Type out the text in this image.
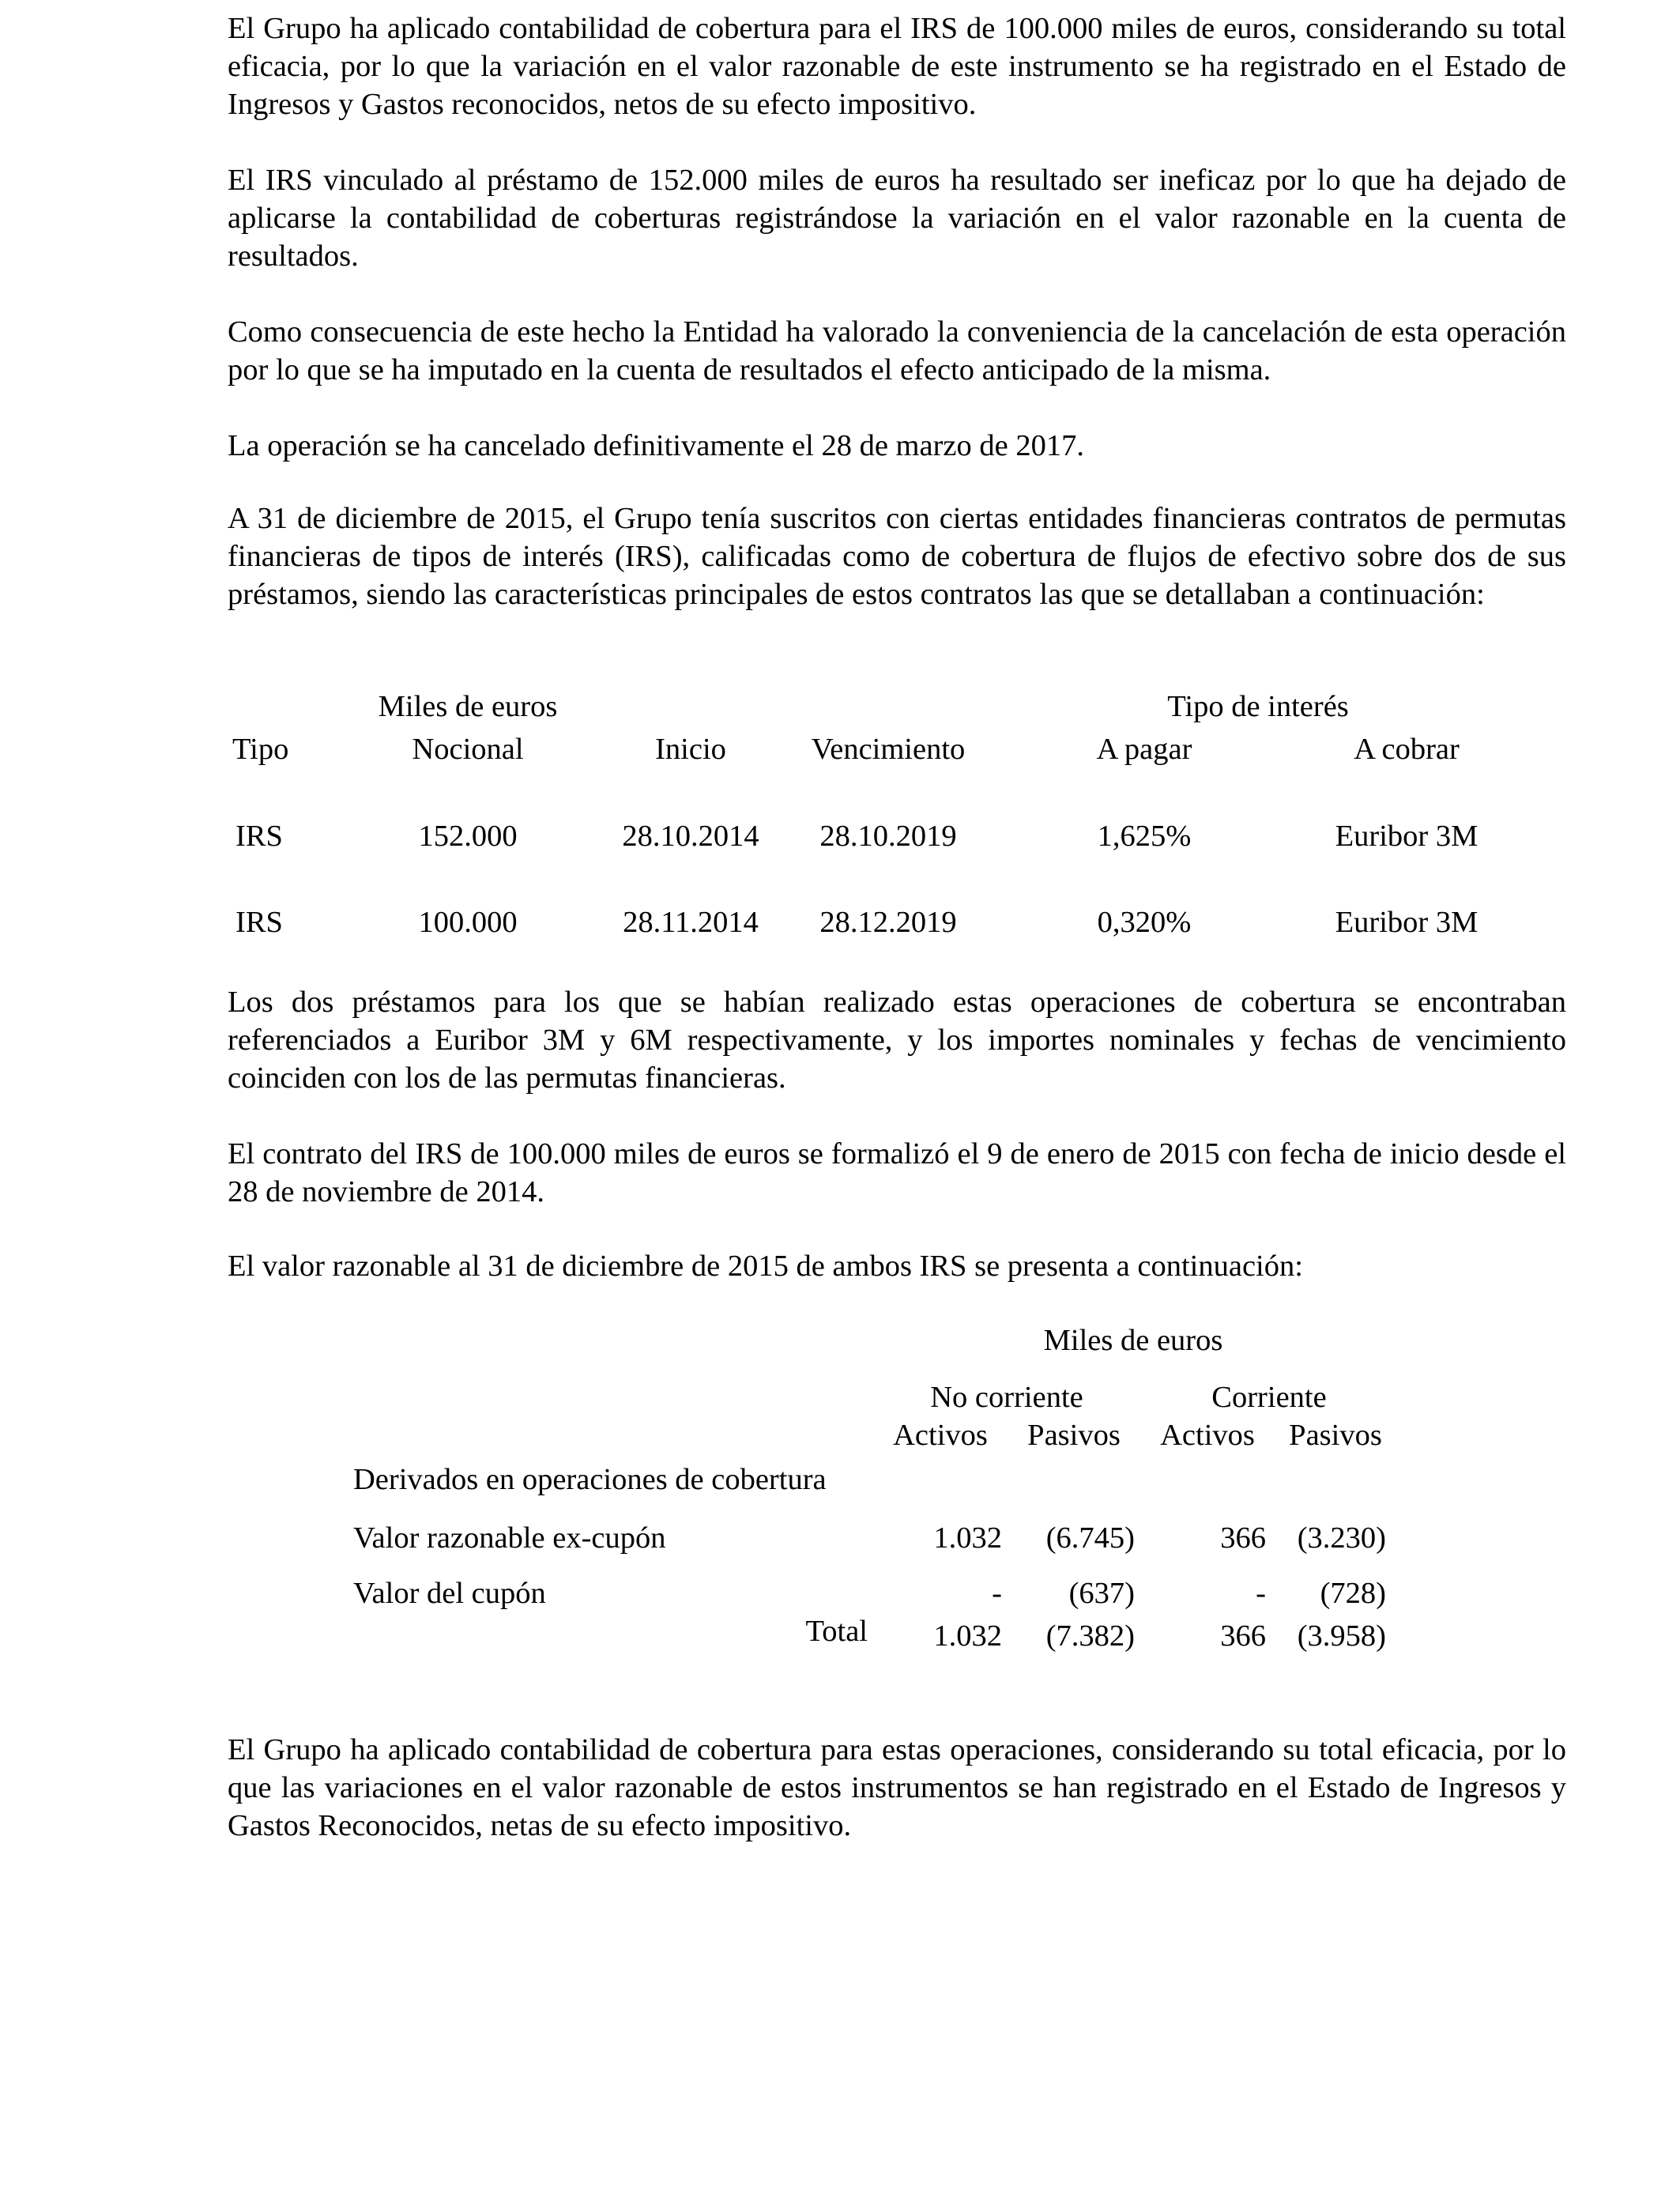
El Grupo ha aplicado contabilidad de cobertura para el IRS de 100.000 miles de euros, considerando su total eficacia, por lo que la variación en el valor razonable de este instrumento se ha registrado en el Estado de Ingresos y Gastos reconocidos, netos de su efecto impositivo.

El IRS vinculado al préstamo de 152.000 miles de euros ha resultado ser ineficaz por lo que ha dejado de aplicarse la contabilidad de coberturas registrándose la variación en el valor razonable en la cuenta de resultados.

Como consecuencia de este hecho la Entidad ha valorado la conveniencia de la cancelación de esta operación por lo que se ha imputado en la cuenta de resultados el efecto anticipado de la misma.

La operación se ha cancelado definitivamente el 28 de marzo de 2017.

A 31 de diciembre de 2015, el Grupo tenía suscritos con ciertas entidades financieras contratos de permutas financieras de tipos de interés (IRS), calificadas como de cobertura de flujos de efectivo sobre dos de sus préstamos, siendo las características principales de estos contratos las que se detallaban a continuación:

Miles de euros	Tipo de interés
Tipo	Nocional	Inicio	Vencimiento	A pagar	A cobrar
IRS	152.000	28.10.2014 28.10.2019	1,625%	Euribor 3M
IRS	100.000	28.11.2014 28.12.2019	0,320%	Euribor 3M

Los dos préstamos para los que se habían realizado estas operaciones de cobertura se encontraban referenciados a Euribor 3M y 6M respectivamente, y los importes nominales y fechas de vencimiento coinciden con los de las permutas financieras.

El contrato del IRS de 100.000 miles de euros se formalizó el 9 de enero de 2015 con fecha de inicio desde el 28 de noviembre de 2014.

El valor razonable al 31 de diciembre de 2015 de ambos IRS se presenta a continuación:

Miles de euros
No corriente	Corriente
Activos Pasivos Activos Pasivos
Derivados en operaciones de cobertura
Valor razonable ex-cupón	1.032 (6.745)	366 (3.230)
Valor del cupón	- (637)	- (728)
Total 1.032 (7.382)	366 (3.958)

El Grupo ha aplicado contabilidad de cobertura para estas operaciones, considerando su total eficacia, por lo que las variaciones en el valor razonable de estos instrumentos se han registrado en el Estado de Ingresos y Gastos Reconocidos, netas de su efecto impositivo.
